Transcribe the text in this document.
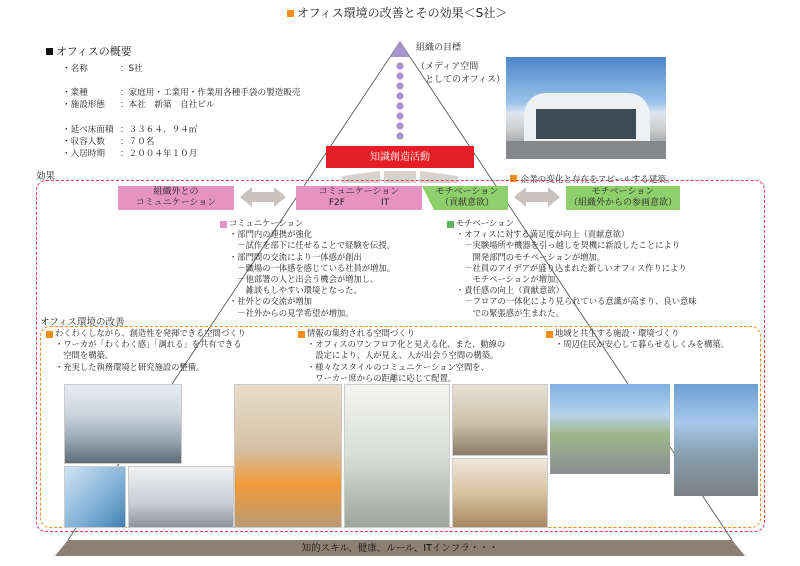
オフィス環境の改善とその効果＜S社＞
オフィスの概要
・名称	：S社
・業種	：家庭用・工業用・作業用各種手袋の製造販売
・施設形態 ：本社　新築　自社ビル
・延べ床面積 ：３３６４．９４㎡
・収容人数 ：７０名
・入居時期 ：２００４年１０月
組織の目標
（メディア空間
　としてのオフィス）
知識創造活動

企業の変化と存在をアピールする建築。

効果
組織外との
コミュニケーション
コミュニケーション
F2F　　　　IT
モチベーション
（貢献意欲）
モチベーション
（組織外からの参画意欲）
コミュニケーション
・部門内の連携が強化
　－試作を部下に任せることで経験を伝授。
・部門間の交流により一体感が創出
　－職場の一体感を感じている社員が増加。
　－他部署の人と出会う機会が増加し、
　　雑談もしやすい環境となった。
・社外との交流が増加
　－社外からの見学希望が増加。
モチベーション
・オフィスに対する満足度が向上（貢献意欲）
　－実験場所や機器を引っ越しを契機に新設したことにより
　　開発部門のモチベーションが増加。
　－社員のアイデアが盛り込まれた新しいオフィス作りにより
　　モチベーションが増加。
・責任感の向上（貢献意欲）
　－フロアの一体化により見られている意識が高まり、良い意味
　　での緊張感が生まれた。
オフィス環境の改善
わくわくしながら、創造性を発揮できる空間づくり
・ワーカが「わくわく感」「調れる」を共有できる
　空間を構築。
・充実した執務環境と研究施設の整備。
情報の集約される空間づくり
・オフィスのワンフロア化と見える化、また、動線の
　設定により、人が見え、人が出会う空間の構築。
・様々なスタイルのコミュニケーション空間を、
　ワーカー席からの距離に応じて配置。
地域と共生する施設・環境づくり
・周辺住民が安心して暮らせるしくみを構築。
知的スキル、健康、ルール、ITインフラ・・・
